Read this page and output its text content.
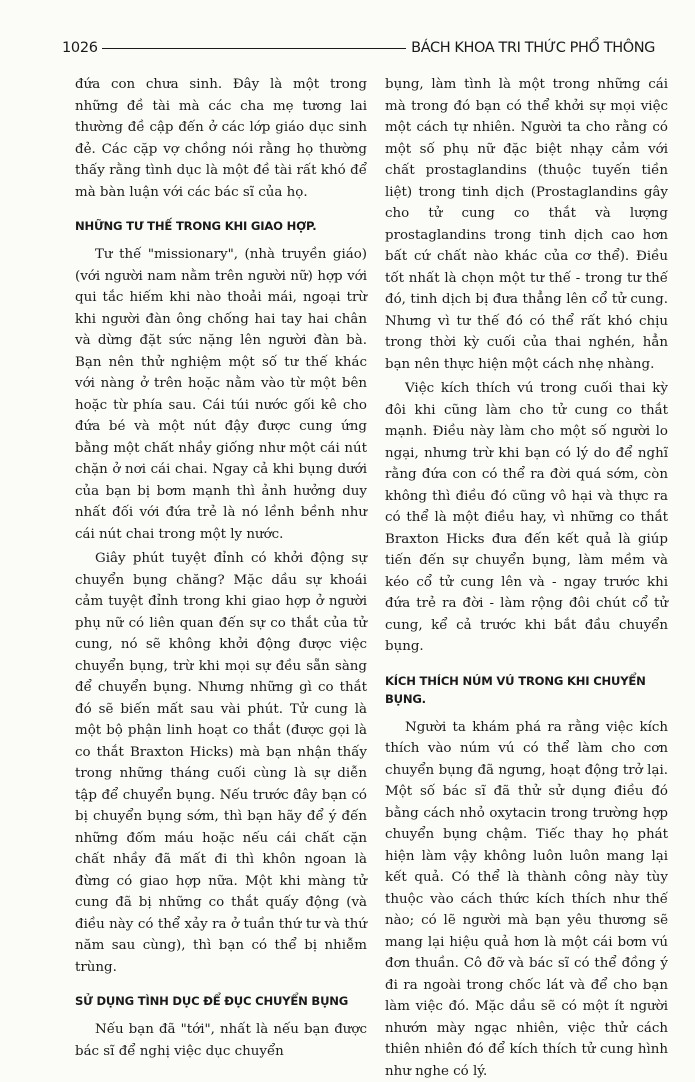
1026	BÁCH KHOA TRI THỨC PHỔ THÔNG

đứa con chưa sinh. Đây là một trong những đề tài mà các cha mẹ tương lai thường đề cập đến ở các lớp giáo dục sinh đẻ. Các cặp vợ chồng nói rằng họ thường thấy rằng tình dục là một đề tài rất khó để mà bàn luận với các bác sĩ của họ.

NHỮNG TƯ THẾ TRONG KHI GIAO HỢP.

Tư thế "missionary", (nhà truyền giáo) (với người nam nằm trên người nữ) hợp với qui tắc hiếm khi nào thoải mái, ngoại trừ khi người đàn ông chống hai tay hai chân và dừng đặt sức nặng lên người đàn bà. Bạn nên thử nghiệm một số tư thế khác với nàng ở trên hoặc nằm vào từ một bên hoặc từ phía sau. Cái túi nước gối kê cho đứa bé và một nút đậy được cung ứng bằng một chất nhầy giống như một cái nút chặn ở nơi cái chai. Ngay cả khi bụng dưới của bạn bị bơm mạnh thì ảnh hưởng duy nhất đối với đứa trẻ là nó lềnh bềnh như cái nút chai trong một ly nước.

Giây phút tuyệt đỉnh có khởi động sự chuyển bụng chăng? Mặc dầu sự khoái cảm tuyệt đỉnh trong khi giao hợp ở người phụ nữ có liên quan đến sự co thắt của tử cung, nó sẽ không khởi động được việc chuyển bụng, trừ khi mọi sự đều sẵn sàng để chuyển bụng. Nhưng những gì co thắt đó sẽ biến mất sau vài phút. Tử cung là một bộ phận linh hoạt co thắt (được gọi là co thắt Braxton Hicks) mà bạn nhận thấy trong những tháng cuối cùng là sự diễn tập để chuyển bụng. Nếu trước đây bạn có bị chuyển bụng sớm, thì bạn hãy để ý đến những đốm máu hoặc nếu cái chất cặn chất nhầy đã mất đi thì khôn ngoan là đừng có giao hợp nữa. Một khi màng tử cung đã bị những co thắt quấy động (và điều này có thể xảy ra ở tuần thứ tư và thứ năm sau cùng), thì bạn có thể bị nhiễm trùng.

SỬ DỤNG TÌNH DỤC ĐỂ ĐỤC CHUYỂN BỤNG

Nếu bạn đã "tới", nhất là nếu bạn được bác sĩ để nghị việc dục chuyển

bụng, làm tình là một trong những cái mà trong đó bạn có thể khởi sự mọi việc một cách tự nhiên. Người ta cho rằng có một số phụ nữ đặc biệt nhạy cảm với chất prostaglandins (thuộc tuyến tiền liệt) trong tinh dịch (Prostaglandins gây cho tử cung co thắt và lượng prostaglandins trong tinh dịch cao hơn bất cứ chất nào khác của cơ thể). Điều tốt nhất là chọn một tư thế - trong tư thế đó, tinh dịch bị đưa thẳng lên cổ tử cung. Nhưng vì tư thế đó có thể rất khó chịu trong thời kỳ cuối của thai nghén, hẳn bạn nên thực hiện một cách nhẹ nhàng.

Việc kích thích vú trong cuối thai kỳ đôi khi cũng làm cho tử cung co thắt mạnh. Điều này làm cho một số người lo ngại, nhưng trừ khi bạn có lý do để nghĩ rằng đứa con có thể ra đời quá sớm, còn không thì điều đó cũng vô hại và thực ra có thể là một điều hay, vì những co thắt Braxton Hicks đưa đến kết quả là giúp tiến đến sự chuyển bụng, làm mềm và kéo cổ tử cung lên và - ngay trước khi đứa trẻ ra đời - làm rộng đôi chút cổ tử cung, kể cả trước khi bắt đầu chuyển bụng.

KÍCH THÍCH NÚM VÚ TRONG KHI CHUYỂN BỤNG.

Người ta khám phá ra rằng việc kích thích vào núm vú có thể làm cho cơn chuyển bụng đã ngưng, hoạt động trở lại. Một số bác sĩ đã thử sử dụng điều đó bằng cách nhỏ oxytacin trong trường hợp chuyển bụng chậm. Tiếc thay họ phát hiện làm vậy không luôn luôn mang lại kết quả. Có thể là thành công này tùy thuộc vào cách thức kích thích như thế nào; có lẽ người mà bạn yêu thương sẽ mang lại hiệu quả hơn là một cái bơm vú đơn thuần. Cô đỡ và bác sĩ có thể đồng ý đi ra ngoài trong chốc lát và để cho bạn làm việc đó. Mặc dầu sẽ có một ít người nhướn mày ngạc nhiên, việc thử cách thiên nhiên đó để kích thích tử cung hình như nghe có lý.
